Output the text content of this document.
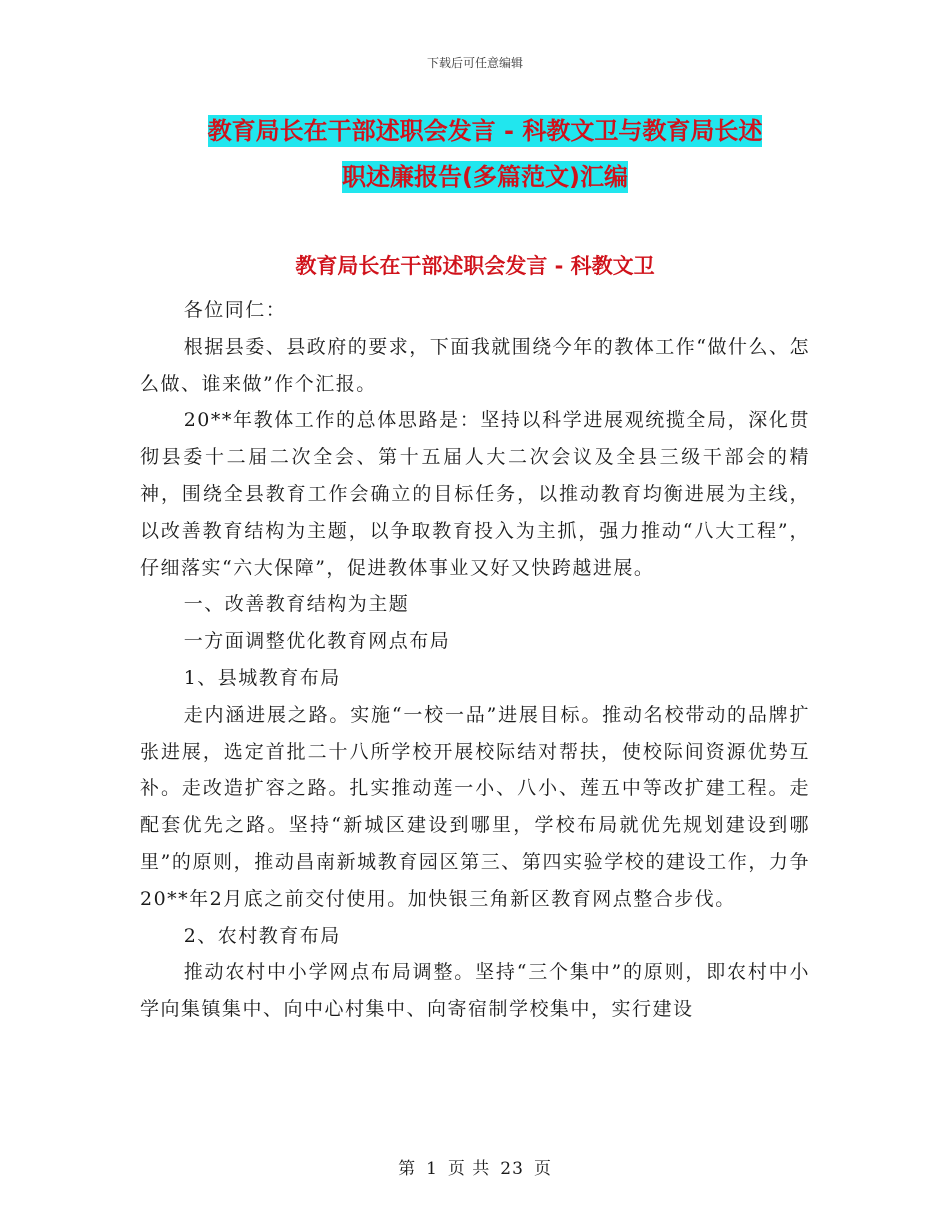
下载后可任意编辑
教育局长在干部述职会发言 - 科教文卫与教育局长述
职述廉报告(多篇范文)汇编
教育局长在干部述职会发言 - 科教文卫

各位同仁：

根据县委、县政府的要求，下面我就围绕今年的教体工作“做什么、怎么做、谁来做”作个汇报。

20**年教体工作的总体思路是：坚持以科学进展观统揽全局，深化贯彻县委十二届二次全会、第十五届人大二次会议及全县三级干部会的精神，围绕全县教育工作会确立的目标任务，以推动教育均衡进展为主线，以改善教育结构为主题，以争取教育投入为主抓，强力推动“八大工程”，仔细落实“六大保障”，促进教体事业又好又快跨越进展。

一、改善教育结构为主题

一方面调整优化教育网点布局

1、县城教育布局

走内涵进展之路。实施“一校一品”进展目标。推动名校带动的品牌扩张进展，选定首批二十八所学校开展校际结对帮扶，使校际间资源优势互补。走改造扩容之路。扎实推动莲一小、八小、莲五中等改扩建工程。走配套优先之路。坚持“新城区建设到哪里，学校布局就优先规划建设到哪里”的原则，推动昌南新城教育园区第三、第四实验学校的建设工作，力争20**年2月底之前交付使用。加快银三角新区教育网点整合步伐。

2、农村教育布局

推动农村中小学网点布局调整。坚持“三个集中”的原则，即农村中小学向集镇集中、向中心村集中、向寄宿制学校集中，实行建设

第 1 页 共 23 页
